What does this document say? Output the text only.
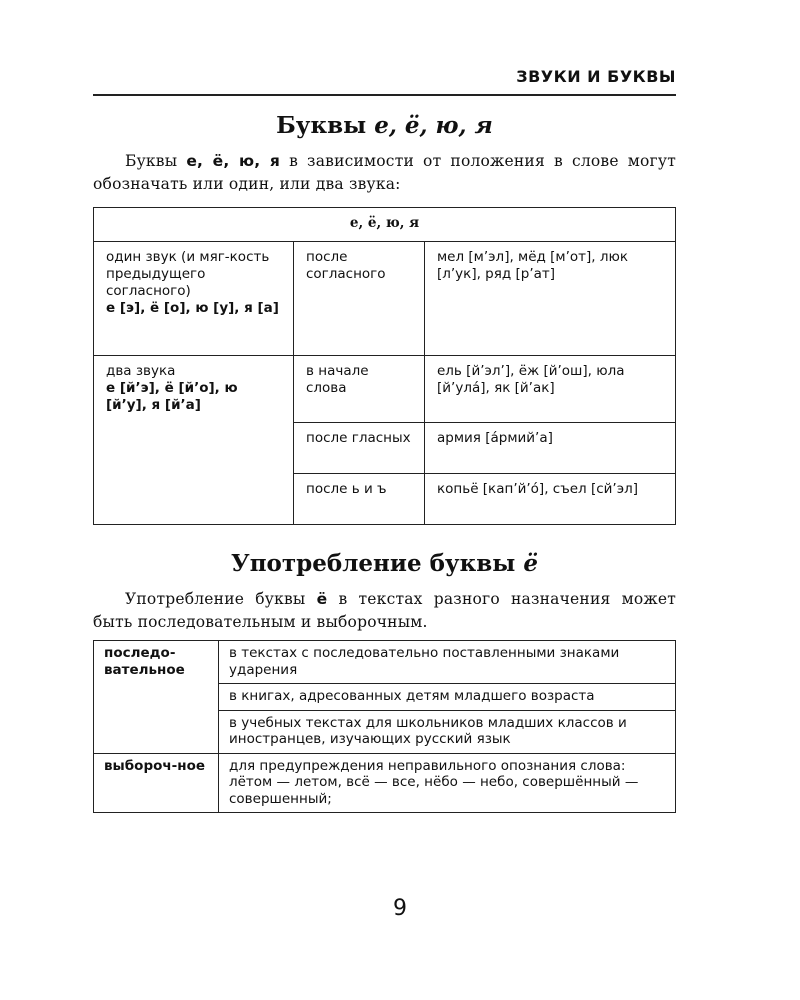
ЗВУКИ И БУКВЫ
Буквы е, ё, ю, я
Буквы е, ё, ю, я в зависимости от положения в слове могут обозначать или один, или два звука:
е, ё, ю, я		

один звук (и мяг-кость предыдущего согласного)
е [э], ё [о], ю [у], я [а]	после согласного	мел [м’эл], мёд [м’от], люк [л’ук], ряд [р’ат]

два звука
е [й’э], ё [й’о], ю [й’у], я [й’а]	в начале слова	ель [й’эл’], ёж [й’ош], юла [й’ула́], як [й’ак]
	после гласных	армия [а́рмий’а]
	после ь и ъ	копьё [кап’й’о́], съел [сй’эл]
Употребление буквы ё
Употребление буквы ё в текстах разного назначения может быть последовательным и выборочным.
последо-вательное	в текстах с последовательно поставленными знаками ударения
	в книгах, адресованных детям младшего возраста
	в учебных текстах для школьников младших классов и иностранцев, изучающих русский язык
выбороч-ное	для предупреждения неправильного опознания слова:
лётом — летом, всё — все, нёбо — небо, совершённый — совершенный;
9
